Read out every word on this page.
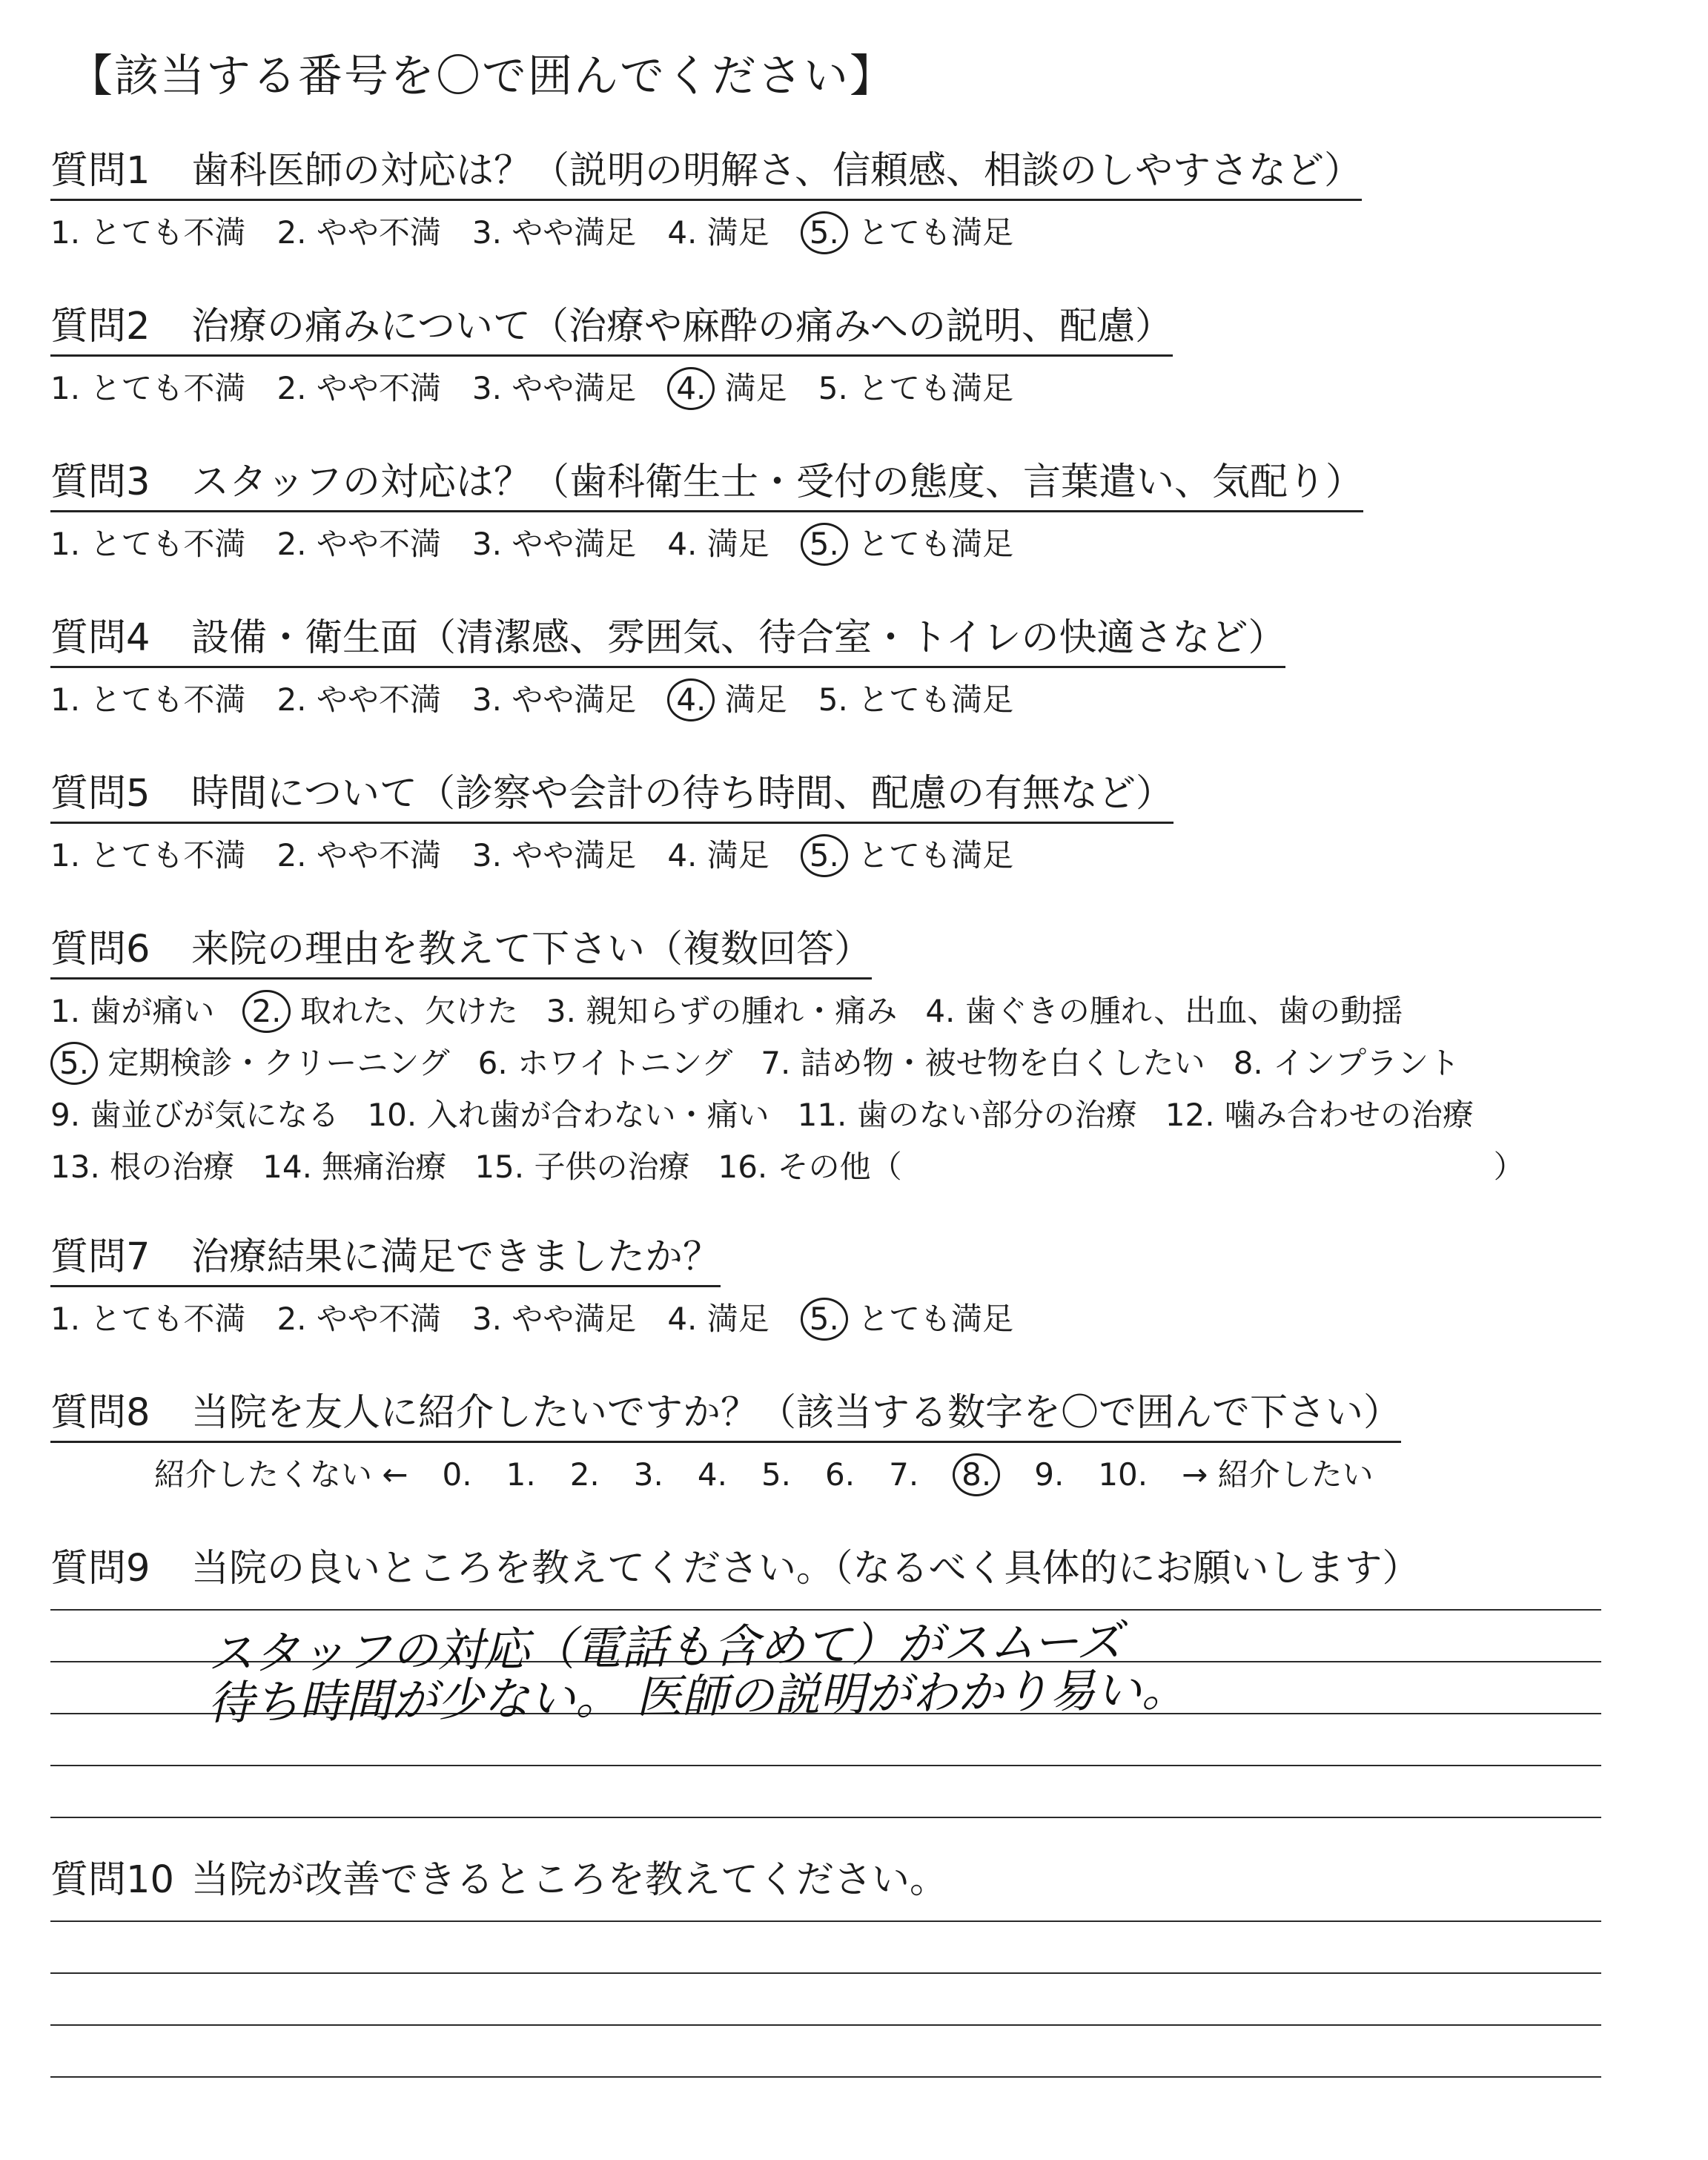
【該当する番号を〇で囲んでください】
質問1 歯科医師の対応は？（説明の明解さ、信頼感、相談のしやすさなど）
1. とても不満 2. やや不満 3. やや満足 4. 満足 5. とても満足
質問2 治療の痛みについて（治療や麻酔の痛みへの説明、配慮）
1. とても不満 2. やや不満 3. やや満足 4. 満足 5. とても満足
質問3 スタッフの対応は？（歯科衛生士・受付の態度、言葉遣い、気配り）
1. とても不満 2. やや不満 3. やや満足 4. 満足 5. とても満足
質問4 設備・衛生面（清潔感、雰囲気、待合室・トイレの快適さなど）
1. とても不満 2. やや不満 3. やや満足 4. 満足 5. とても満足
質問5 時間について（診察や会計の待ち時間、配慮の有無など）
1. とても不満 2. やや不満 3. やや満足 4. 満足 5. とても満足
質問6 来院の理由を教えて下さい（複数回答）
1. 歯が痛い 2. 取れた、欠けた 3. 親知らずの腫れ・痛み 4. 歯ぐきの腫れ、出血、歯の動揺
5. 定期検診・クリーニング 6. ホワイトニング 7. 詰め物・被せ物を白くしたい 8. インプラント
9. 歯並びが気になる 10. 入れ歯が合わない・痛い 11. 歯のない部分の治療 12. 噛み合わせの治療
13. 根の治療 14. 無痛治療 15. 子供の治療 16. その他（	）
質問7 治療結果に満足できましたか？
1. とても不満 2. やや不満 3. やや満足 4. 満足 5. とても満足
質問8 当院を友人に紹介したいですか？（該当する数字を〇で囲んで下さい）
紹介したくない ← 0. 1. 2. 3. 4. 5. 6. 7. 8. 9. 10. → 紹介したい
質問9 当院の良いところを教えてください。（なるべく具体的にお願いします）
スタッフの対応（電話も含めて）がスムーズ
待ち時間が少ない。 医師の説明がわかり易い。
質問10 当院が改善できるところを教えてください。
